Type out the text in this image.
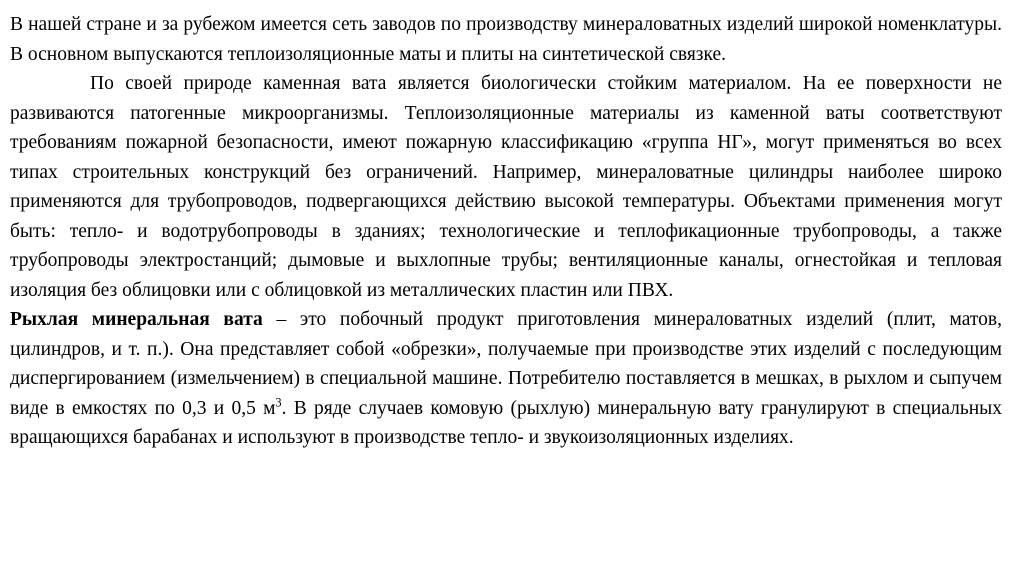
В нашей стране и за рубежом имеется сеть заводов по производству минераловатных изделий широкой номенклатуры. В основном выпускаются теплоизоляционные маты и плиты на синтетической связке.

По своей природе каменная вата является биологически стойким материалом. На ее поверхности не развиваются патогенные микроорганизмы. Теплоизоляционные материалы из каменной ваты соответствуют требованиям пожарной безопасности, имеют пожарную классификацию «группа НГ», могут применяться во всех типах строительных конструкций без ограничений. Например, минераловатные цилиндры наиболее широко применяются для трубопроводов, подвергающихся действию высокой температуры. Объектами применения могут быть: тепло- и водотрубопроводы в зданиях; технологические и теплофикационные трубопроводы, а также трубопроводы электростанций; дымовые и выхлопные трубы; вентиляционные каналы, огнестойкая и тепловая изоляция без облицовки или с облицовкой из металлических пластин или ПВХ.

Рыхлая минеральная вата – это побочный продукт приготовления минераловатных изделий (плит, матов, цилиндров, и т. п.). Она представляет собой «обрезки», получаемые при производстве этих изделий с последующим диспергированием (измельчением) в специальной машине. Потребителю поставляется в мешках, в рыхлом и сыпучем виде в емкостях по 0,3 и 0,5 $м^3$. В ряде случаев комовую (рыхлую) минеральную вату гранулируют в специальных вращающихся барабанах и используют в производстве тепло- и звукоизоляционных изделиях.
